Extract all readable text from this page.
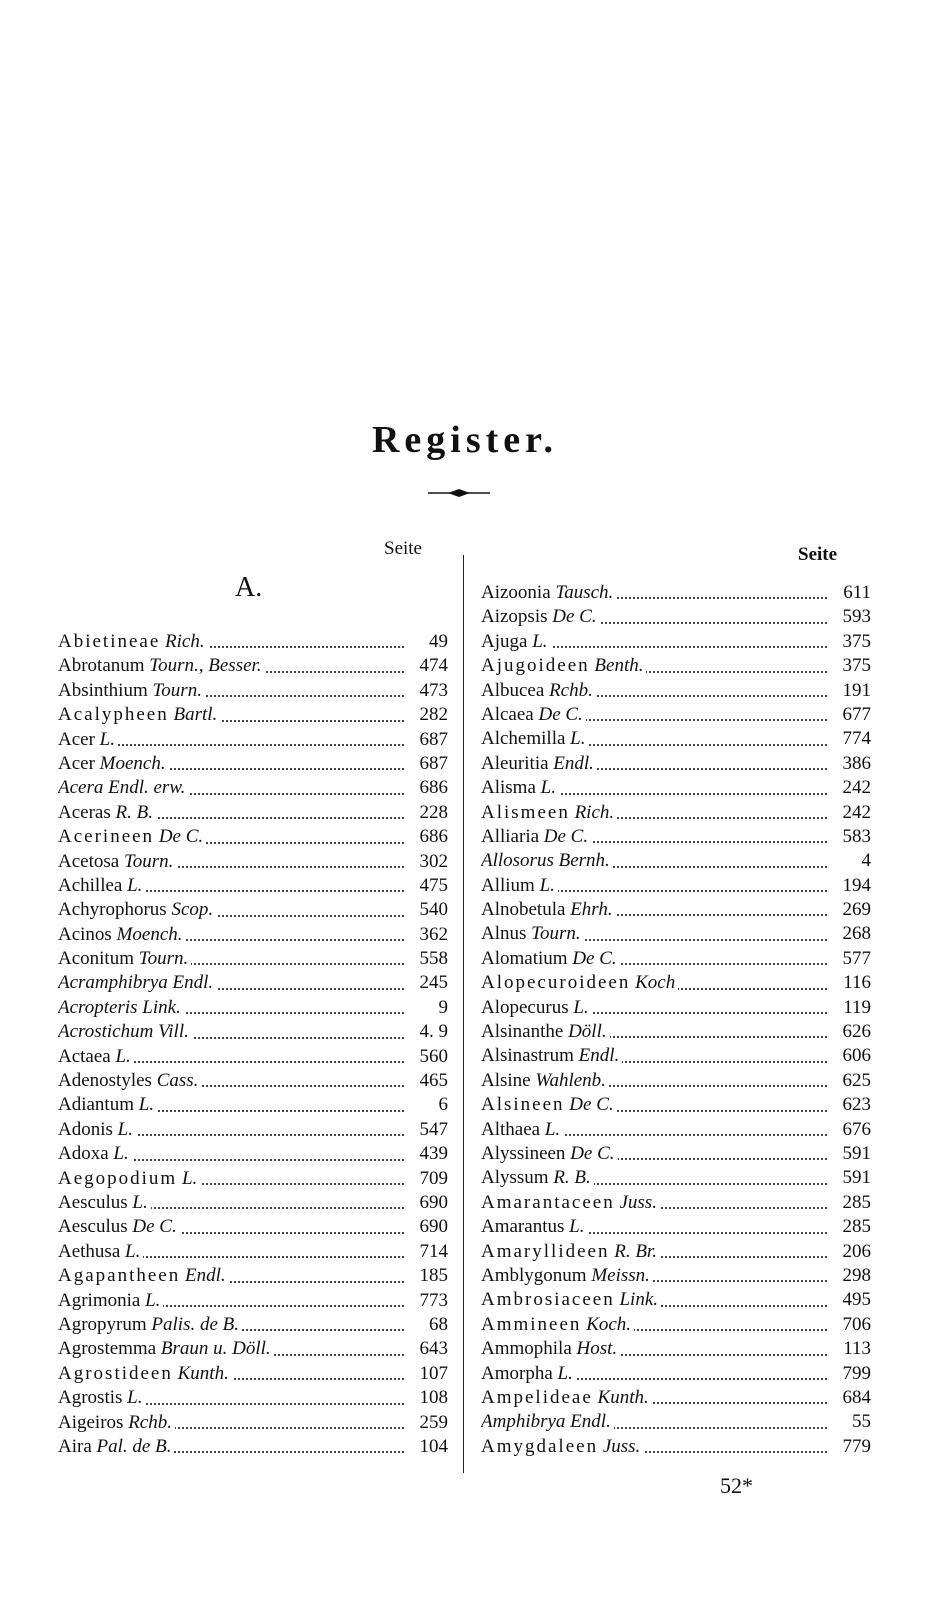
Register.
Seite
A.
Seite
Abietineae Rich.	49
Abrotanum Tourn., Besser.	474
Absinthium Tourn.	473
Acalypheen Bartl.	282
Acer L.	687
Acer Moench.	687
Acera Endl. erw.	686
Aceras R. B.	228
Acerineen De C.	686
Acetosa Tourn.	302
Achillea L.	475
Achyrophorus Scop.	540
Acinos Moench.	362
Aconitum Tourn.	558
Acramphibrya Endl.	245
Acropteris Link.	9
Acrostichum Vill.	4. 9
Actaea L.	560
Adenostyles Cass.	465
Adiantum L.	6
Adonis L.	547
Adoxa L.	439
Aegopodium L.	709
Aesculus L.	690
Aesculus De C.	690
Aethusa L.	714
Agapantheen Endl.	185
Agrimonia L.	773
Agropyrum Palis. de B.	68
Agrostemma Braun u. Döll.	643
Agrostideen Kunth.	107
Agrostis L.	108
Aigeiros Rchb.	259
Aira Pal. de B.	104
Aizoonia Tausch.	611
Aizopsis De C.	593
Ajuga L.	375
Ajugoideen Benth.	375
Albucea Rchb.	191
Alcaea De C.	677
Alchemilla L.	774
Aleuritia Endl.	386
Alisma L.	242
Alismeen Rich.	242
Alliaria De C.	583
Allosorus Bernh.	4
Allium L.	194
Alnobetula Ehrh.	269
Alnus Tourn.	268
Alomatium De C.	577
Alopecuroideen Koch	116
Alopecurus L.	119
Alsinanthe Döll.	626
Alsinastrum Endl.	606
Alsine Wahlenb.	625
Alsineen De C.	623
Althaea L.	676
Alyssineen De C.	591
Alyssum R. B.	591
Amarantaceen Juss.	285
Amarantus L.	285
Amaryllideen R. Br.	206
Amblygonum Meissn.	298
Ambrosiaceen Link.	495
Ammineen Koch.	706
Ammophila Host.	113
Amorpha L.	799
Ampelideae Kunth.	684
Amphibrya Endl.	55
Amygdaleen Juss.	779
52*
